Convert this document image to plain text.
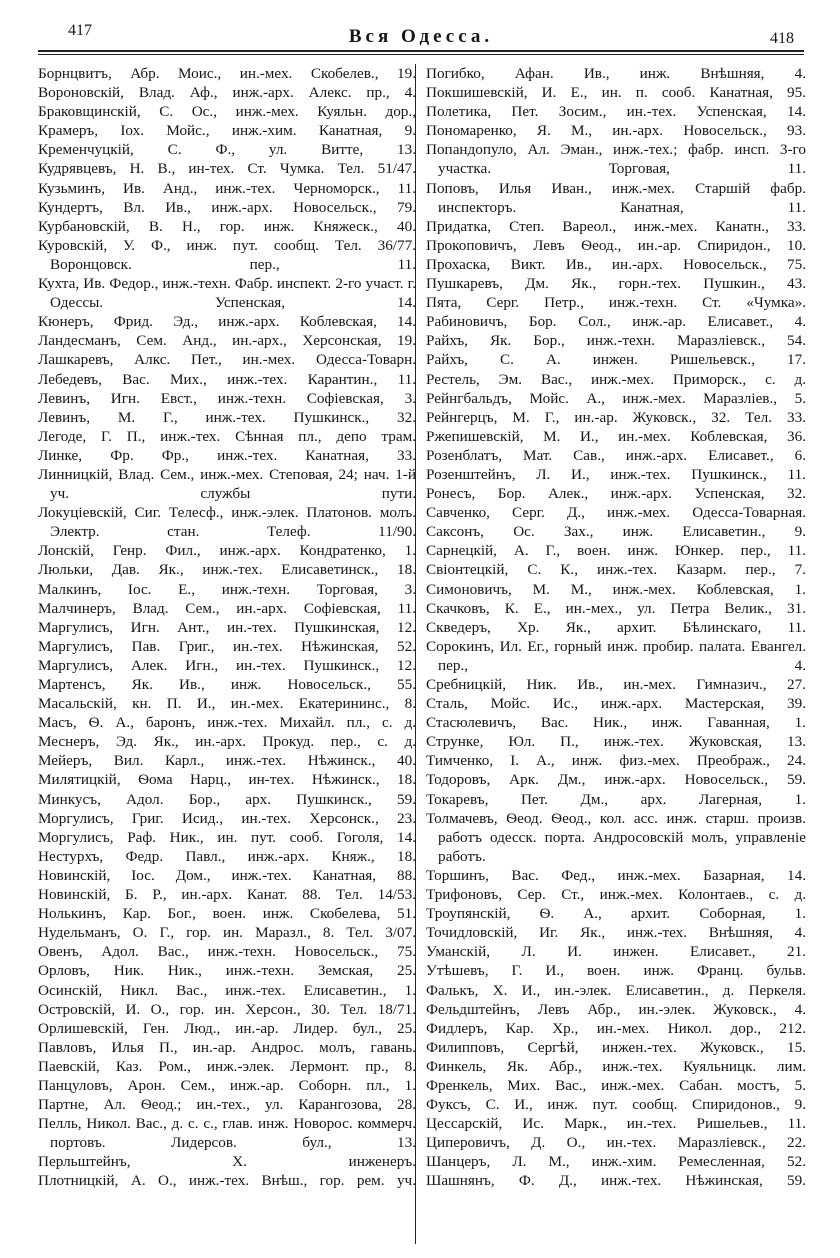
417	Вся Одесса.	418
Борнцвитъ, Абр. Моис., ин.-мех. Скобелев., 19.
Вороновскій, Влад. Аф., инж.-арх. Алекс. пр., 4.
Браковщинскій, С. Ос., инж.-мех. Куяльн. дор.,
Крамеръ, Іох. Мойс., инж.-хим. Канатная, 9.
Кременчуцкій, С. Ф., ул. Витте, 13.
Кудрявцевъ, Н. В., ин-тех. Ст. Чумка. Тел. 51/47.
Кузьминъ, Ив. Анд., инж.-тех. Черноморск., 11.
Кундертъ, Вл. Ив., инж.-арх. Новосельск., 79.
Курбановскій, В. Н., гор. инж. Княжеск., 40.
Куровскій, У. Ф., инж. пут. сообщ. Тел. 36/77. Воронцовск. пер., 11.
Кухта, Ив. Федор., инж.-техн. Фабр. инспект. 2-го участ. г. Одессы. Успенская, 14.
Кюнеръ, Фрид. Эд., инж.-арх. Коблевская, 14.
Ландесманъ, Сем. Анд., ин.-арх., Херсонская, 19.
Лашкаревъ, Алкс. Пет., ин.-мех. Одесса-Товарн.
Лебедевъ, Вас. Мих., инж.-тех. Карантин., 11.
Левинъ, Игн. Евст., инж.-техн. Софіевская, 3.
Левинъ, М. Г., инж.-тех. Пушкинск., 32.
Легоде, Г. П., инж.-тех. Сѣнная пл., депо трам.
Линке, Фр. Фр., инж.-тех. Канатная, 33.
Линницкій, Влад. Сем., инж.-мех. Степовая, 24; нач. 1-й уч. службы пути.
Локуціевскій, Сиг. Телесф., инж.-элек. Платонов. молъ. Электр. стан. Телеф. 11/90.
Лонскій, Генр. Фил., инж.-арх. Кондратенко, 1.
Люльки, Дав. Як., инж.-тех. Елисаветинск., 18.
Малкинъ, Іос. Е., инж.-техн. Торговая, 3.
Малчинеръ, Влад. Сем., ин.-арх. Софіевская, 11.
Маргулисъ, Игн. Ант., ин.-тех. Пушкинская, 12.
Маргулисъ, Пав. Григ., ин.-тех. Нѣжинская, 52.
Маргулисъ, Алек. Игн., ин.-тех. Пушкинск., 12.
Мартенсъ, Як. Ив., инж. Новосельск., 55.
Масальскій, кн. П. И., ин.-мех. Екатерининс., 8.
Масъ, Ѳ. А., баронъ, инж.-тех. Михайл. пл., с. д.
Меснеръ, Эд. Як., ин.-арх. Прокуд. пер., с. д.
Мейеръ, Вил. Карл., инж.-тех. Нѣжинск., 40.
Милятицкій, Ѳома Нарц., ин-тех. Нѣжинск., 18.
Минкусъ, Адол. Бор., арх. Пушкинск., 59.
Моргулисъ, Григ. Исид., ин.-тех. Херсонск., 23.
Моргулисъ, Раф. Ник., ин. пут. сооб. Гоголя, 14.
Нестурхъ, Федр. Павл., инж.-арх. Княж., 18.
Новинскій, Іос. Дом., инж.-тех. Канатная, 88.
Новинскій, Б. Р., ин.-арх. Канат. 88. Тел. 14/53.
Нолькинъ, Кар. Бог., воен. инж. Скобелева, 51.
Нудельманъ, О. Г., гор. ин. Маразл., 8. Тел. 3/07.
Овенъ, Адол. Вас., инж.-техн. Новосельск., 75.
Орловъ, Ник. Ник., инж.-техн. Земская, 25.
Осинскій, Никл. Вас., инж.-тех. Елисаветин., 1.
Островскій, И. О., гор. ин. Херсон., 30. Тел. 18/71.
Орлишевскій, Ген. Люд., ин.-ар. Лидер. бул., 25.
Павловъ, Илья П., ин.-ар. Андрос. молъ, гавань.
Паевскій, Каз. Ром., инж.-элек. Лермонт. пр., 8.
Панцуловъ, Арон. Сем., инж.-ар. Соборн. пл., 1.
Партне, Ал. Ѳеод.; ин.-тех., ул. Карангозова, 28.
Пелль, Никол. Вас., д. с. с., глав. инж. Новорос. коммерч. портовъ. Лидерсов. бул., 13.
Перльштейнъ, Х. инженеръ.
Плотницкій, А. О., инж.-тех. Внѣш., гор. рем. уч.
Погибко, Афан. Ив., инж. Внѣшняя, 4.
Покшишевскій, И. Е., ин. п. сооб. Канатная, 95.
Полетика, Пет. Зосим., ин.-тех. Успенская, 14.
Пономаренко, Я. М., ин.-арх. Новосельск., 93.
Попандопуло, Ал. Эман., инж.-тех.; фабр. инсп. 3-го участка. Торговая, 11.
Поповъ, Илья Иван., инж.-мех. Старшій фабр. инспекторъ. Канатная, 11.
Придатка, Степ. Вареол., инж.-мех. Канатн., 33.
Прокоповичъ, Левъ Ѳеод., ин.-ар. Спиридон., 10.
Прохаска, Викт. Ив., ин.-арх. Новосельск., 75.
Пушкаревъ, Дм. Як., горн.-тех. Пушкин., 43.
Пята, Серг. Петр., инж.-техн. Ст. «Чумка».
Рабиновичъ, Бор. Сол., инж.-ар. Елисавет., 4.
Райхъ, Як. Бор., инж.-техн. Маразліевск., 54.
Райхъ, С. А. инжен. Ришельевск., 17.
Рестель, Эм. Вас., инж.-мех. Приморск., с. д.
Рейнгбальдъ, Мойс. А., инж.-мех. Маразліев., 5.
Рейнгерцъ, М. Г., ин.-ар. Жуковск., 32. Тел. 33.
Ржепишевскій, М. И., ин.-мех. Коблевская, 36.
Розенблатъ, Мат. Сав., инж.-арх. Елисавет., 6.
Розенштейнъ, Л. И., инж.-тех. Пушкинск., 11.
Ронесъ, Бор. Алек., инж.-арх. Успенская, 32.
Савченко, Серг. Д., инж.-мех. Одесса-Товарная.
Саксонъ, Ос. Зах., инж. Елисаветин., 9.
Сарнецкій, А. Г., воен. инж. Юнкер. пер., 11.
Свіонтецкій, С. К., инж.-тех. Казарм. пер., 7.
Симоновичъ, М. М., инж.-мех. Коблевская, 1.
Скачковъ, К. Е., ин.-мех., ул. Петра Велик., 31.
Скведеръ, Хр. Як., архит. Бѣлинскаго, 11.
Сорокинъ, Ил. Ег., горный инж. пробир. палата. Евангел. пер., 4.
Сребницкій, Ник. Ив., ин.-мех. Гимназич., 27.
Сталь, Мойс. Ис., инж.-арх. Мастерская, 39.
Стасюлевичъ, Вас. Ник., инж. Гаванная, 1.
Струнке, Юл. П., инж.-тех. Жуковская, 13.
Тимченко, І. А., инж. физ.-мех. Преображ., 24.
Тодоровъ, Арк. Дм., инж.-арх. Новосельск., 59.
Токаревъ, Пет. Дм., арх. Лагерная, 1.
Толмачевъ, Ѳеод. Ѳеод., кол. асс. инж. старш. произв. работъ одесск. порта. Андросовскій молъ, управленіе работъ.
Торшинъ, Вас. Фед., инж.-мех. Базарная, 14.
Трифоновъ, Сер. Ст., инж.-мех. Колонтаев., с. д.
Троупянскій, Ѳ. А., архит. Соборная, 1.
Точидловскій, Иг. Як., инж.-тех. Внѣшняя, 4.
Уманскій, Л. И. инжен. Елисавет., 21.
Утѣшевъ, Г. И., воен. инж. Франц. бульв.
Фалькъ, Х. И., ин.-элек. Елисаветин., д. Перкеля.
Фельдштейнъ, Левъ Абр., ин.-элек. Жуковск., 4.
Фидлеръ, Кар. Хр., ин.-мех. Никол. дор., 212.
Филипповъ, Сергѣй, инжен.-тех. Жуковск., 15.
Финкель, Як. Абр., инж.-тех. Куяльницк. лим.
Френкель, Мих. Вас., инж.-мех. Сабан. мостъ, 5.
Фуксъ, С. И., инж. пут. сообщ. Спиридонов., 9.
Цессарскій, Ис. Марк., ин.-тех. Ришельев., 11.
Циперовичъ, Д. О., ин.-тех. Маразліевск., 22.
Шанцеръ, Л. М., инж.-хим. Ремесленная, 52.
Шашнянъ, Ф. Д., инж.-тех. Нѣжинская, 59.
